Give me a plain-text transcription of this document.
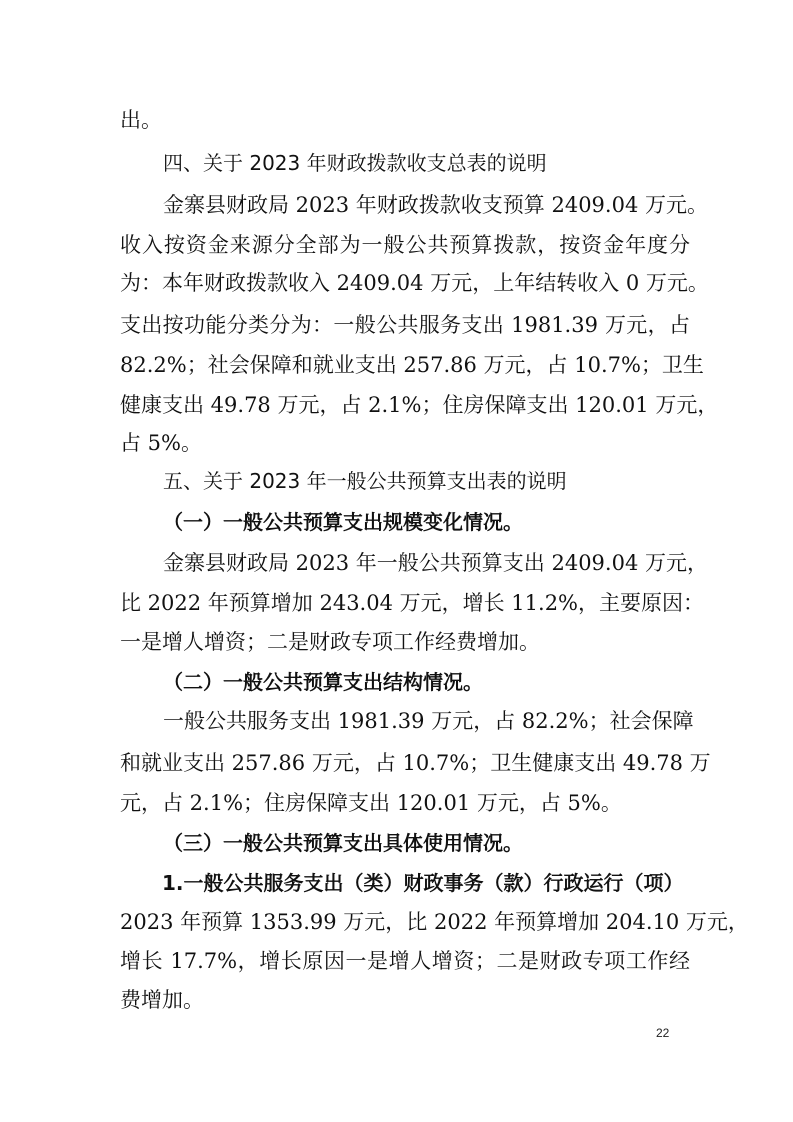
出。
四、关于 2023 年财政拨款收支总表的说明
金寨县财政局 2023 年财政拨款收支预算 2409.04 万元。
收入按资金来源分全部为一般公共预算拨款，按资金年度分
为：本年财政拨款收入 2409.04 万元，上年结转收入 0 万元。
支出按功能分类分为：一般公共服务支出 1981.39 万元，占
82.2%；社会保障和就业支出 257.86 万元，占 10.7%；卫生
健康支出 49.78 万元，占 2.1%；住房保障支出 120.01 万元，
占 5%。
五、关于 2023 年一般公共预算支出表的说明
（一）一般公共预算支出规模变化情况。
金寨县财政局 2023 年一般公共预算支出 2409.04 万元，
比 2022 年预算增加 243.04 万元，增长 11.2%，主要原因：
一是增人增资；二是财政专项工作经费增加。
（二）一般公共预算支出结构情况。
一般公共服务支出 1981.39 万元，占 82.2%；社会保障
和就业支出 257.86 万元，占 10.7%；卫生健康支出 49.78 万
元，占 2.1%；住房保障支出 120.01 万元，占 5%。
（三）一般公共预算支出具体使用情况。
1.一般公共服务支出（类）财政事务（款）行政运行（项）
2023 年预算 1353.99 万元，比 2022 年预算增加 204.10 万元，
增长 17.7%，增长原因一是增人增资；二是财政专项工作经
费增加。
22
